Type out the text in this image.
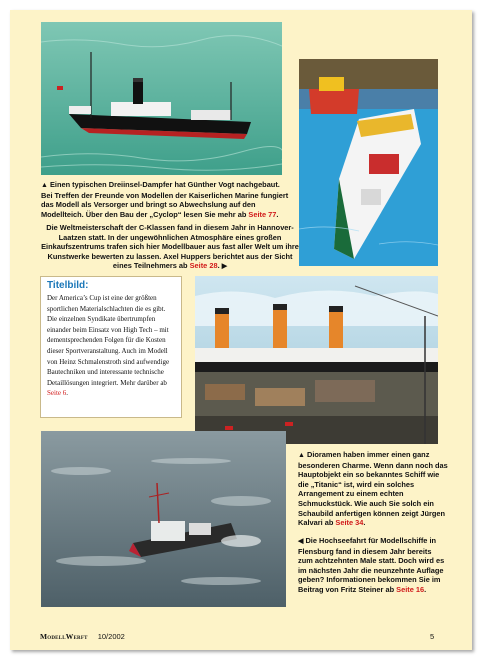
▲ Einen typischen Dreiinsel-Dampfer hat Günther Vogt nachgebaut. Bei Treffen der Freunde von Modellen der Kaiserlichen Marine fungiert das Modell als Versorger und bringt so Abwechslung auf den Modellteich. Über den Bau der „Cyclop“ lesen Sie mehr ab Seite 77.
Die Weltmeisterschaft der C-Klassen fand in diesem Jahr in Hannover-Laatzen statt. In der ungewöhnlichen Atmosphäre eines großen Einkaufszentrums trafen sich hier Modellbauer aus fast aller Welt um ihre Kunstwerke bewerten zu lassen. Axel Huppers berichtet aus der Sicht eines Teilnehmers ab Seite 28. ▶
Titelbild:
Der America’s Cup ist eine der größten sportlichen Materialschlachten die es gibt. Die einzelnen Syndikate übertrumpfen einander beim Einsatz von High Tech – mit dementsprechenden Folgen für die Kosten dieser Sportveranstaltung. Auch im Modell von Heinz Schmalenstroth sind aufwendige Bautechniken und interessante technische Detaillösungen integriert. Mehr darüber ab Seite 6.
▲ Dioramen haben immer einen ganz besonderen Charme. Wenn dann noch das Hauptobjekt ein so bekanntes Schiff wie die „Titanic“ ist, wird ein solches Arrangement zu einem echten Schmuckstück. Wie auch Sie solch ein Schaubild anfertigen können zeigt Jürgen Kalvari ab Seite 34.
◀ Die Hochseefahrt für Modellschiffe in Flensburg fand in diesem Jahr bereits zum achtzehnten Male statt. Doch wird es im nächsten Jahr die neunzehnte Auflage geben? Informationen bekommen Sie im Beitrag von Fritz Steiner ab Seite 16.
ModellWerft 10/2002	5
